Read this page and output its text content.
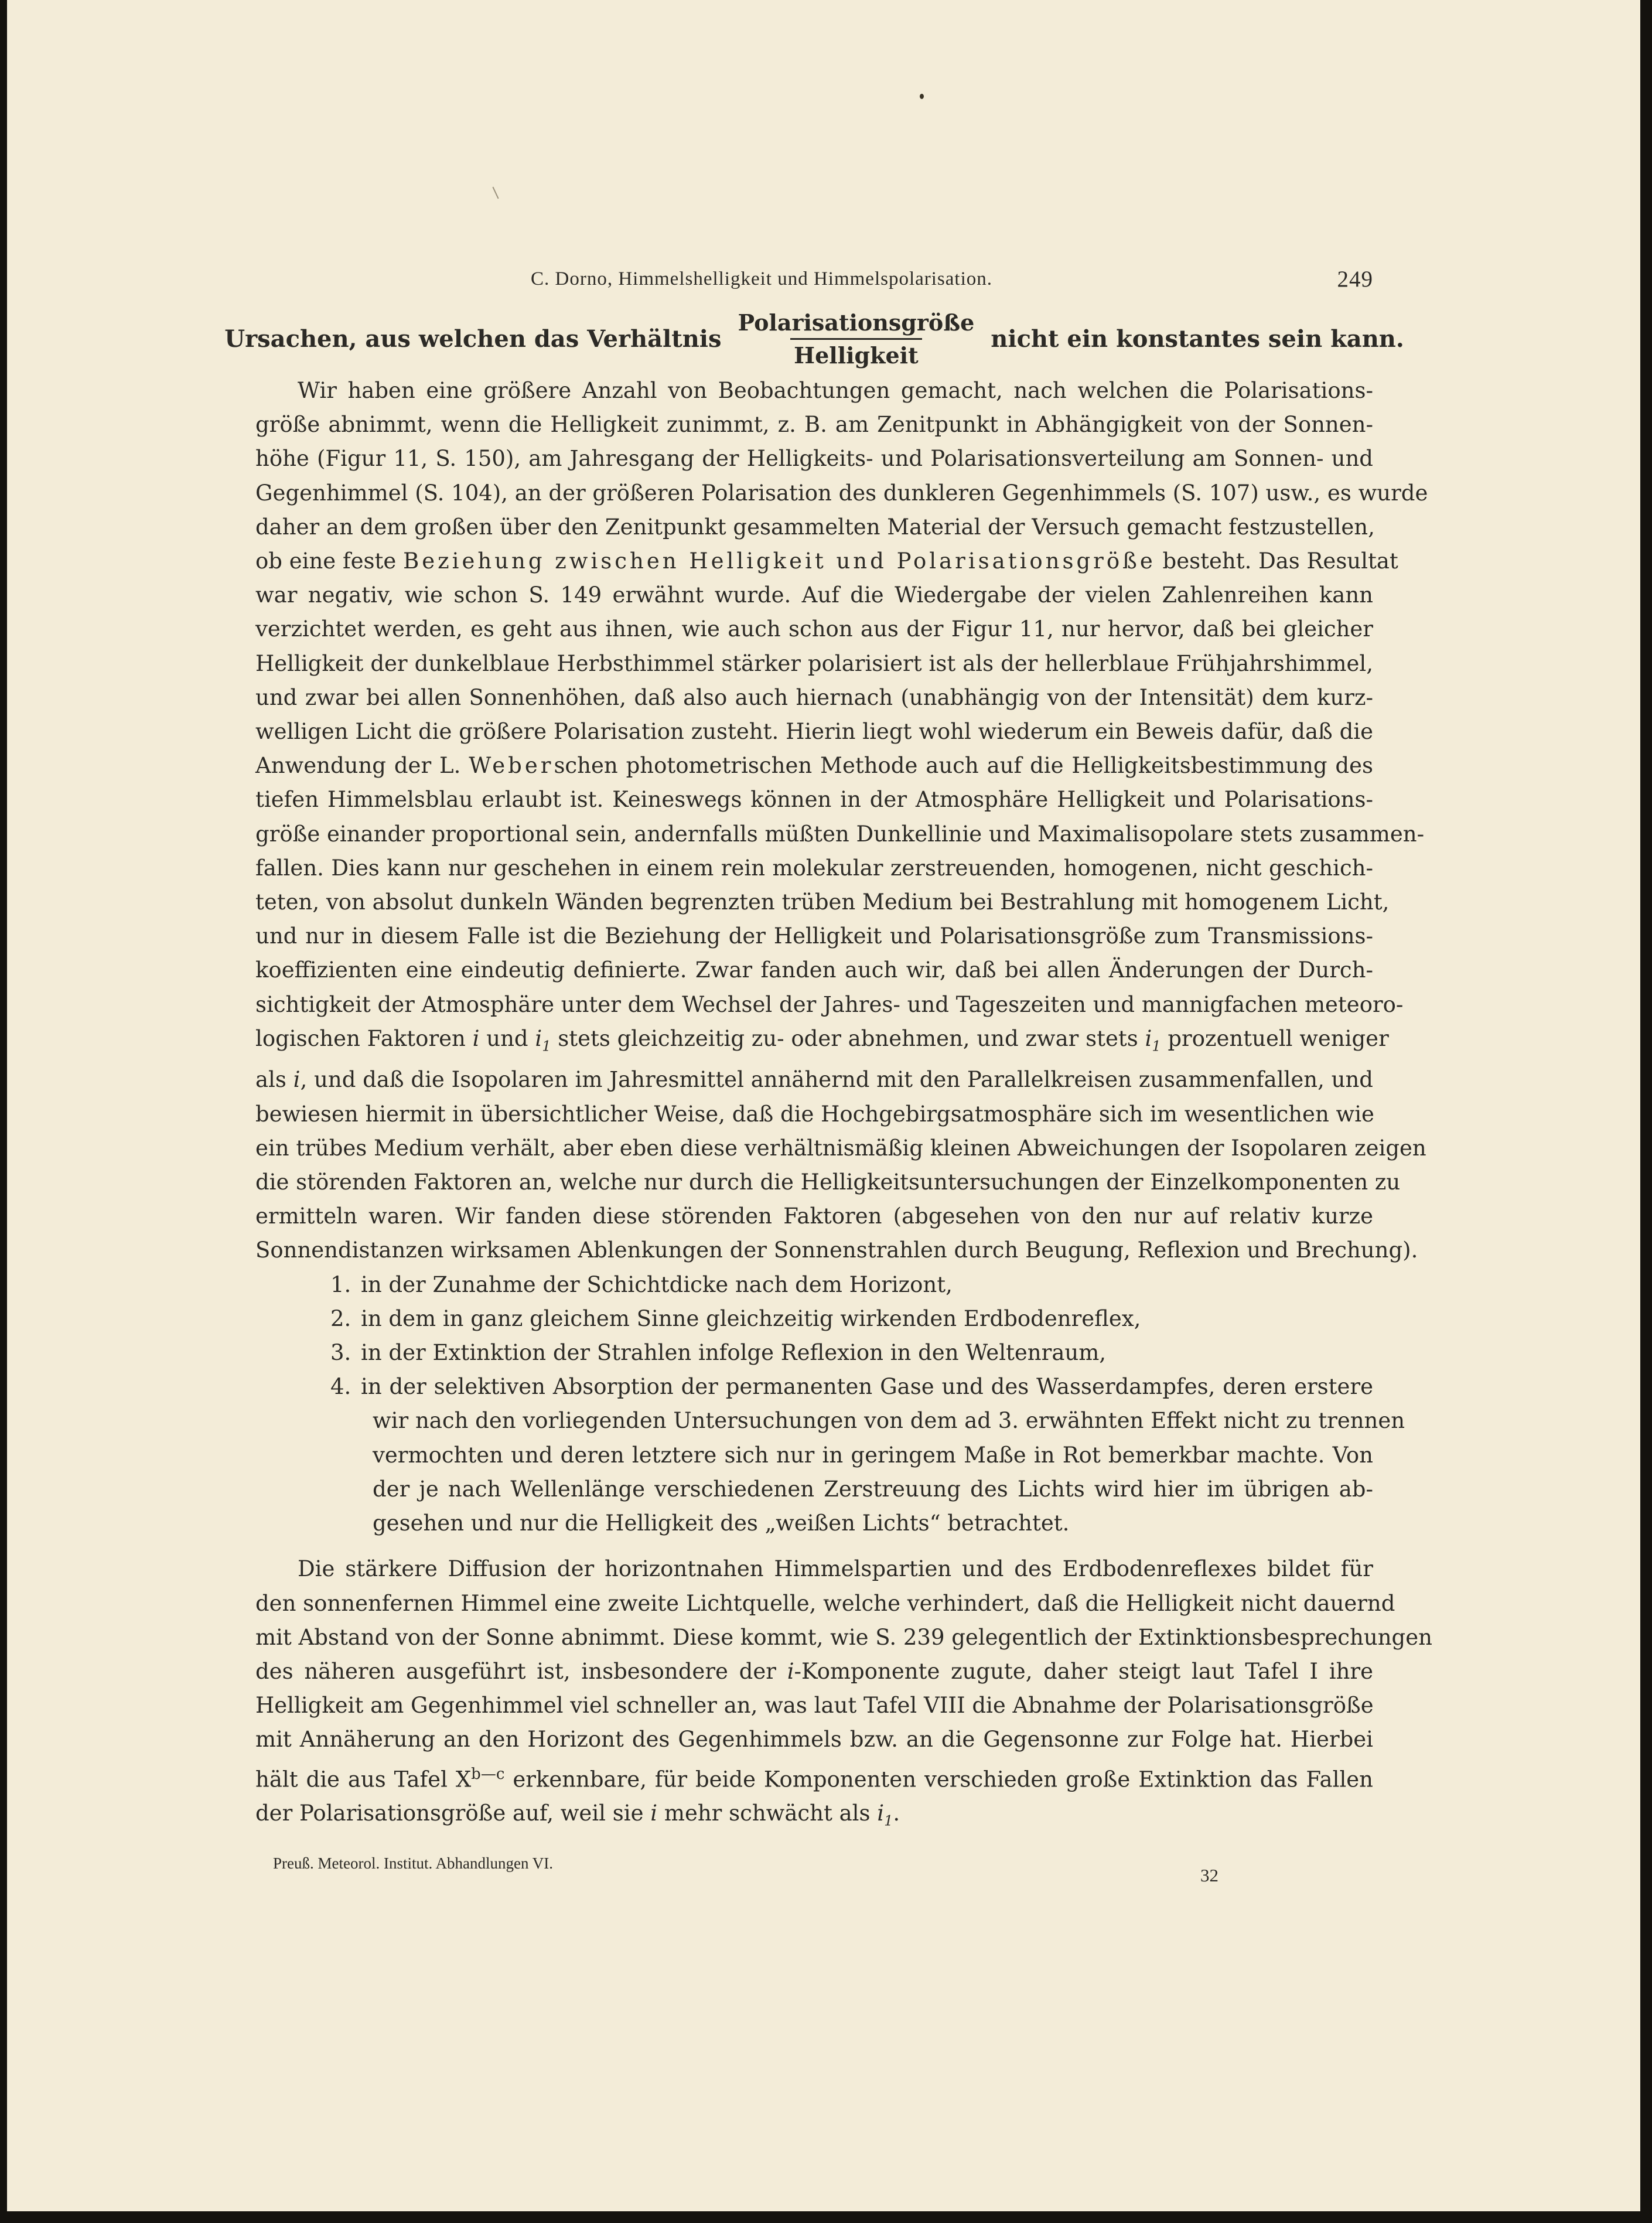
C. Dorno, Himmelshelligkeit und Himmelspolarisation.	249
Ursachen, aus welchen das Verhältnis $\frac{\text{Polarisationsgröße}}{\text{Helligkeit}}$ nicht ein konstantes sein kann.
Wir haben eine größere Anzahl von Beobachtungen gemacht, nach welchen die Polarisations-
größe abnimmt, wenn die Helligkeit zunimmt, z. B. am Zenitpunkt in Abhängigkeit von der Sonnen-
höhe (Figur 11, S. 150), am Jahresgang der Helligkeits- und Polarisationsverteilung am Sonnen- und
Gegenhimmel (S. 104), an der größeren Polarisation des dunkleren Gegenhimmels (S. 107) usw., es wurde
daher an dem großen über den Zenitpunkt gesammelten Material der Versuch gemacht festzustellen,
ob eine feste Beziehung zwischen Helligkeit und Polarisationsgröße besteht. Das Resultat
war negativ, wie schon S. 149 erwähnt wurde. Auf die Wiedergabe der vielen Zahlenreihen kann
verzichtet werden, es geht aus ihnen, wie auch schon aus der Figur 11, nur hervor, daß bei gleicher
Helligkeit der dunkelblaue Herbsthimmel stärker polarisiert ist als der hellerblaue Frühjahrshimmel,
und zwar bei allen Sonnenhöhen, daß also auch hiernach (unabhängig von der Intensität) dem kurz-
welligen Licht die größere Polarisation zusteht. Hierin liegt wohl wiederum ein Beweis dafür, daß die
Anwendung der L. Weberschen photometrischen Methode auch auf die Helligkeitsbestimmung des
tiefen Himmelsblau erlaubt ist. Keineswegs können in der Atmosphäre Helligkeit und Polarisations-
größe einander proportional sein, andernfalls müßten Dunkellinie und Maximalisopolare stets zusammen-
fallen. Dies kann nur geschehen in einem rein molekular zerstreuenden, homogenen, nicht geschich-
teten, von absolut dunkeln Wänden begrenzten trüben Medium bei Bestrahlung mit homogenem Licht,
und nur in diesem Falle ist die Beziehung der Helligkeit und Polarisationsgröße zum Transmissions-
koeffizienten eine eindeutig definierte. Zwar fanden auch wir, daß bei allen Änderungen der Durch-
sichtigkeit der Atmosphäre unter dem Wechsel der Jahres- und Tageszeiten und mannigfachen meteoro-
logischen Faktoren i und $i_1$ stets gleichzeitig zu- oder abnehmen, und zwar stets $i_1$ prozentuell weniger
als i, und daß die Isopolaren im Jahresmittel annähernd mit den Parallelkreisen zusammenfallen, und
bewiesen hiermit in übersichtlicher Weise, daß die Hochgebirgsatmosphäre sich im wesentlichen wie
ein trübes Medium verhält, aber eben diese verhältnismäßig kleinen Abweichungen der Isopolaren zeigen
die störenden Faktoren an, welche nur durch die Helligkeitsuntersuchungen der Einzelkomponenten zu
ermitteln waren. Wir fanden diese störenden Faktoren (abgesehen von den nur auf relativ kurze
Sonnendistanzen wirksamen Ablenkungen der Sonnenstrahlen durch Beugung, Reflexion und Brechung).
1. in der Zunahme der Schichtdicke nach dem Horizont,
2. in dem in ganz gleichem Sinne gleichzeitig wirkenden Erdbodenreflex,
3. in der Extinktion der Strahlen infolge Reflexion in den Weltenraum,
4. in der selektiven Absorption der permanenten Gase und des Wasserdampfes, deren erstere
wir nach den vorliegenden Untersuchungen von dem ad 3. erwähnten Effekt nicht zu trennen
vermochten und deren letztere sich nur in geringem Maße in Rot bemerkbar machte. Von
der je nach Wellenlänge verschiedenen Zerstreuung des Lichts wird hier im übrigen ab-
gesehen und nur die Helligkeit des „weißen Lichts“ betrachtet.
Die stärkere Diffusion der horizontnahen Himmelspartien und des Erdbodenreflexes bildet für
den sonnenfernen Himmel eine zweite Lichtquelle, welche verhindert, daß die Helligkeit nicht dauernd
mit Abstand von der Sonne abnimmt. Diese kommt, wie S. 239 gelegentlich der Extinktionsbesprechungen
des näheren ausgeführt ist, insbesondere der i-Komponente zugute, daher steigt laut Tafel I ihre
Helligkeit am Gegenhimmel viel schneller an, was laut Tafel VIII die Abnahme der Polarisationsgröße
mit Annäherung an den Horizont des Gegenhimmels bzw. an die Gegensonne zur Folge hat. Hierbei
hält die aus Tafel $X^{b—c}$ erkennbare, für beide Komponenten verschieden große Extinktion das Fallen
der Polarisationsgröße auf, weil sie i mehr schwächt als $i_1$.
Preuß. Meteorol. Institut. Abhandlungen VI.
32
